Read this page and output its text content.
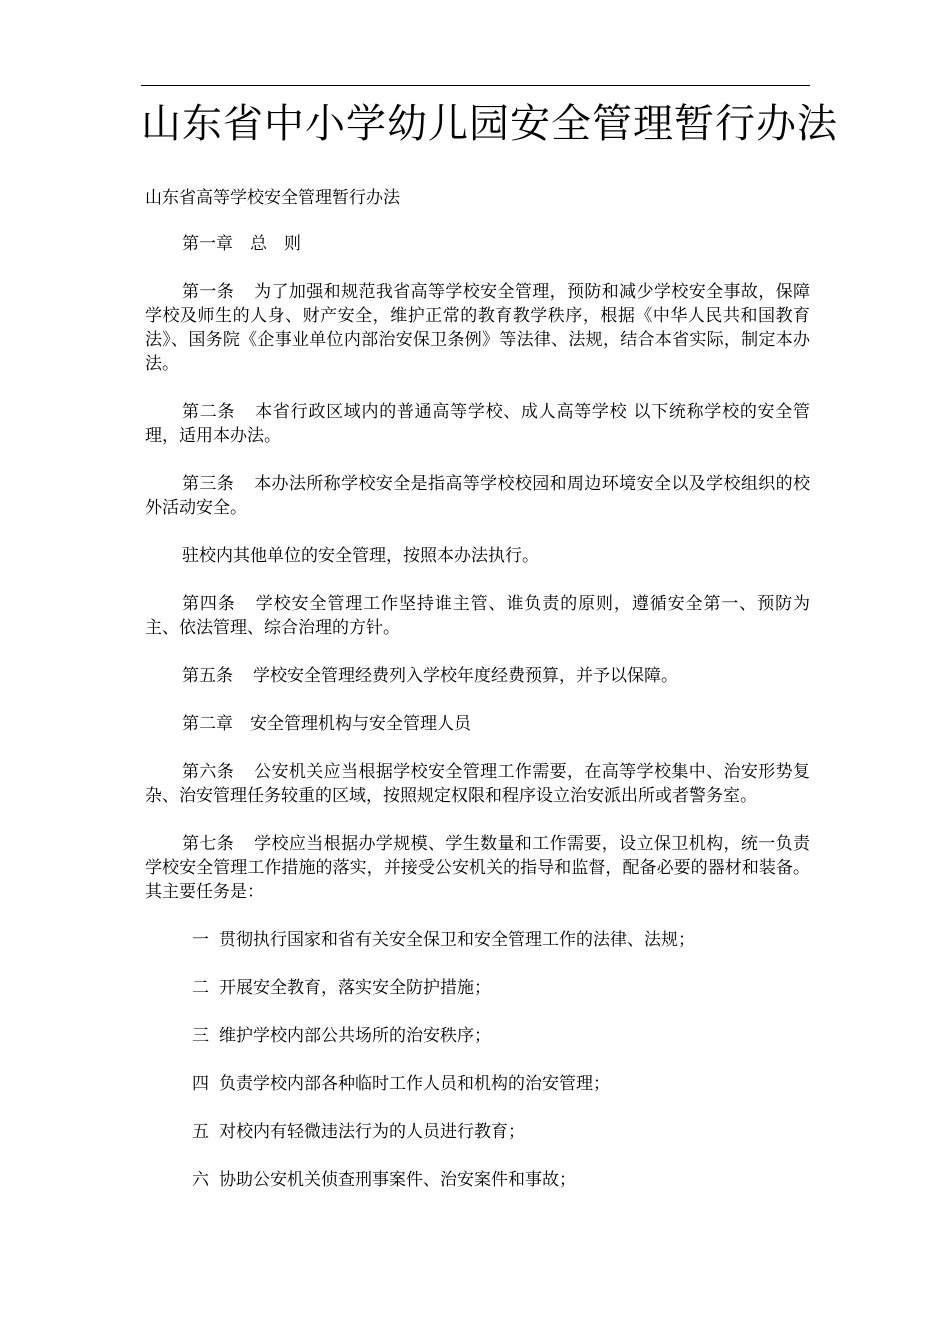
山东省中小学幼儿园安全管理暂行办法
山东省高等学校安全管理暂行办法

第一章　总　则

第一条 为了加强和规范我省高等学校安全管理，预防和减少学校安全事故，保障学校及师生的人身、财产安全，维护正常的教育教学秩序，根据《中华人民共和国教育法》、国务院《企事业单位内部治安保卫条例》等法律、法规，结合本省实际，制定本办法。

第二条 本省行政区域内的普通高等学校、成人高等学校 以下统称学校的安全管理，适用本办法。

第三条 本办法所称学校安全是指高等学校校园和周边环境安全以及学校组织的校外活动安全。

驻校内其他单位的安全管理，按照本办法执行。

第四条 学校安全管理工作坚持谁主管、谁负责的原则，遵循安全第一、预防为主、依法管理、综合治理的方针。

第五条 学校安全管理经费列入学校年度经费预算，并予以保障。

第二章　安全管理机构与安全管理人员

第六条 公安机关应当根据学校安全管理工作需要，在高等学校集中、治安形势复杂、治安管理任务较重的区域，按照规定权限和程序设立治安派出所或者警务室。

第七条 学校应当根据办学规模、学生数量和工作需要，设立保卫机构，统一负责学校安全管理工作措施的落实，并接受公安机关的指导和监督，配备必要的器材和装备。其主要任务是：

一 贯彻执行国家和省有关安全保卫和安全管理工作的法律、法规；
二 开展安全教育，落实安全防护措施；
三 维护学校内部公共场所的治安秩序；
四 负责学校内部各种临时工作人员和机构的治安管理；
五 对校内有轻微违法行为的人员进行教育；
六 协助公安机关侦查刑事案件、治安案件和事故；
